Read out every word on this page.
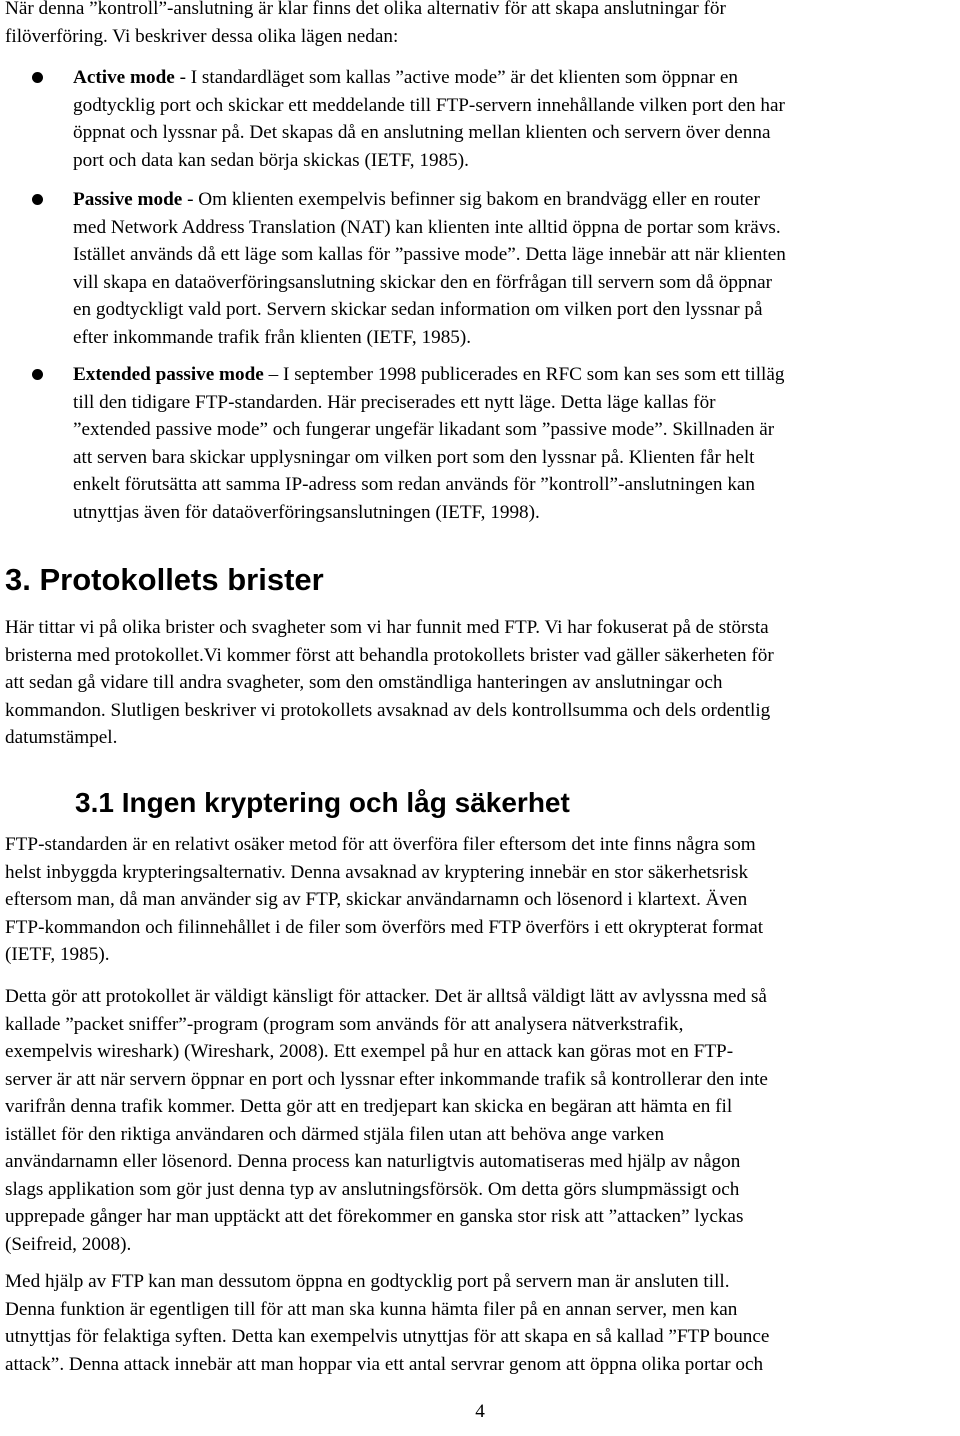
När denna ”kontroll”-anslutning är klar finns det olika alternativ för att skapa anslutningar för
filöverföring. Vi beskriver dessa olika lägen nedan:
Active mode - I standardläget som kallas ”active mode” är det klienten som öppnar en
godtycklig port och skickar ett meddelande till FTP-servern innehållande vilken port den har
öppnat och lyssnar på. Det skapas då en anslutning mellan klienten och servern över denna
port och data kan sedan börja skickas (IETF, 1985).
Passive mode - Om klienten exempelvis befinner sig bakom en brandvägg eller en router
med Network Address Translation (NAT) kan klienten inte alltid öppna de portar som krävs.
Istället används då ett läge som kallas för ”passive mode”. Detta läge innebär att när klienten
vill skapa en dataöverföringsanslutning skickar den en förfrågan till servern som då öppnar
en godtyckligt vald port. Servern skickar sedan information om vilken port den lyssnar på
efter inkommande trafik från klienten (IETF, 1985).
Extended passive mode – I september 1998 publicerades en RFC som kan ses som ett tilläg
till den tidigare FTP-standarden. Här preciserades ett nytt läge. Detta läge kallas för
”extended passive mode” och fungerar ungefär likadant som ”passive mode”. Skillnaden är
att serven bara skickar upplysningar om vilken port som den lyssnar på. Klienten får helt
enkelt förutsätta att samma IP-adress som redan används för ”kontroll”-anslutningen kan
utnyttjas även för dataöverföringsanslutningen (IETF, 1998).
3. Protokollets brister
Här tittar vi på olika brister och svagheter som vi har funnit med FTP. Vi har fokuserat på de största
bristerna med protokollet.Vi kommer först att behandla protokollets brister vad gäller säkerheten för
att sedan gå vidare till andra svagheter, som den omständliga hanteringen av anslutningar och
kommandon. Slutligen beskriver vi protokollets avsaknad av dels kontrollsumma och dels ordentlig
datumstämpel.
3.1 Ingen kryptering och låg säkerhet
FTP-standarden är en relativt osäker metod för att överföra filer eftersom det inte finns några som
helst inbyggda krypteringsalternativ. Denna avsaknad av kryptering innebär en stor säkerhetsrisk
eftersom man, då man använder sig av FTP, skickar användarnamn och lösenord i klartext. Även
FTP-kommandon och filinnehållet i de filer som överförs med FTP överförs i ett okrypterat format
(IETF, 1985).
Detta gör att protokollet är väldigt känsligt för attacker. Det är alltså väldigt lätt av avlyssna med så
kallade ”packet sniffer”-program (program som används för att analysera nätverkstrafik,
exempelvis wireshark) (Wireshark, 2008). Ett exempel på hur en attack kan göras mot en FTP-
server är att när servern öppnar en port och lyssnar efter inkommande trafik så kontrollerar den inte
varifrån denna trafik kommer. Detta gör att en tredjepart kan skicka en begäran att hämta en fil
istället för den riktiga användaren och därmed stjäla filen utan att behöva ange varken
användarnamn eller lösenord. Denna process kan naturligtvis automatiseras med hjälp av någon
slags applikation som gör just denna typ av anslutningsförsök. Om detta görs slumpmässigt och
upprepade gånger har man upptäckt att det förekommer en ganska stor risk att ”attacken” lyckas
(Seifreid, 2008).
Med hjälp av FTP kan man dessutom öppna en godtycklig port på servern man är ansluten till.
Denna funktion är egentligen till för att man ska kunna hämta filer på en annan server, men kan
utnyttjas för felaktiga syften. Detta kan exempelvis utnyttjas för att skapa en så kallad ”FTP bounce
attack”. Denna attack innebär att man hoppar via ett antal servrar genom att öppna olika portar och
4
